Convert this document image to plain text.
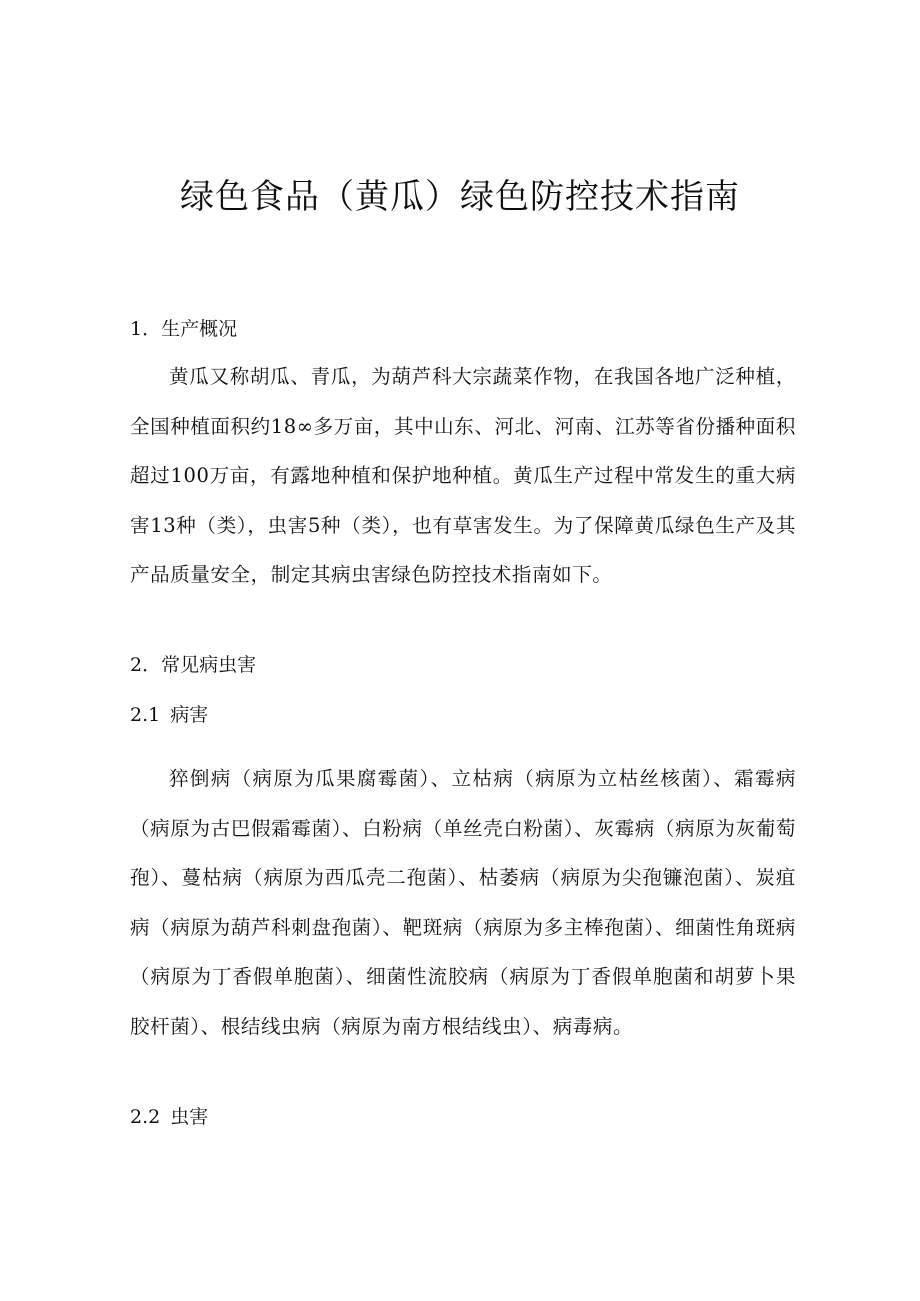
绿色食品（黄瓜）绿色防控技术指南

1．生产概况

黄瓜又称胡瓜、青瓜，为葫芦科大宗蔬菜作物，在我国各地广泛种植，全国种植面积约18∞多万亩，其中山东、河北、河南、江苏等省份播种面积超过100万亩，有露地种植和保护地种植。黄瓜生产过程中常发生的重大病害13种（类），虫害5种（类），也有草害发生。为了保障黄瓜绿色生产及其产品质量安全，制定其病虫害绿色防控技术指南如下。

2．常见病虫害

2.1 病害

猝倒病（病原为瓜果腐霉菌）、立枯病（病原为立枯丝核菌）、霜霉病（病原为古巴假霜霉菌）、白粉病（单丝壳白粉菌）、灰霉病（病原为灰葡萄孢）、蔓枯病（病原为西瓜壳二孢菌）、枯萎病（病原为尖孢镰泡菌）、炭疽病（病原为葫芦科刺盘孢菌）、靶斑病（病原为多主棒孢菌）、细菌性角斑病（病原为丁香假单胞菌）、细菌性流胶病（病原为丁香假单胞菌和胡萝卜果胶杆菌）、根结线虫病（病原为南方根结线虫）、病毒病。

2.2 虫害
